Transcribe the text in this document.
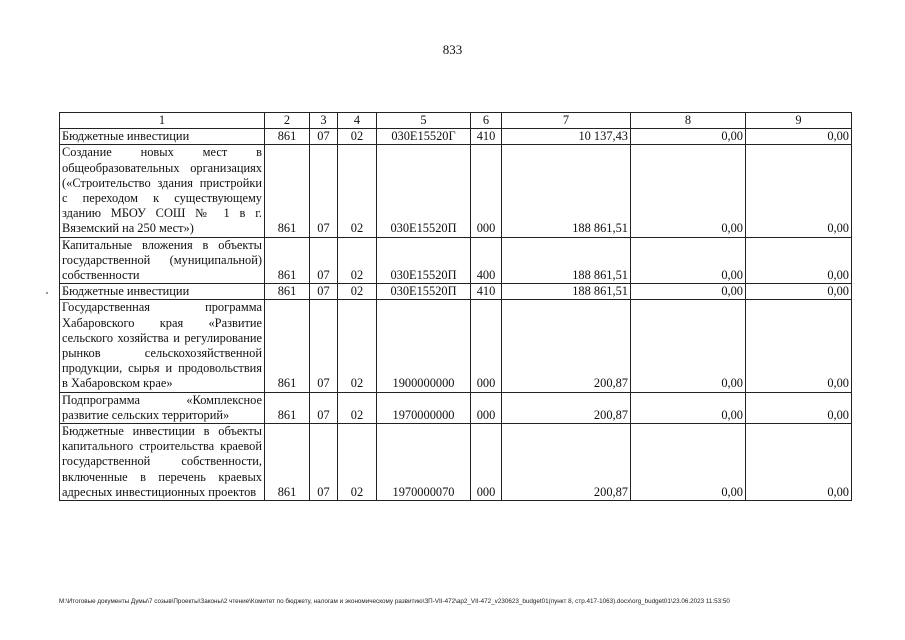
833
1	2	3	4	5	6	7	8	9
Бюджетные инвестиции	861	07	02	030E15520Г	410	10 137,43	0,00	0,00
Создание новых мест в общеобразовательных организациях («Строительство здания пристройки с переходом к существующему зданию МБОУ СОШ № 1 в г. Вяземский на 250 мест»)	861	07	02	030E15520П	000	188 861,51	0,00	0,00
Капитальные вложения в объекты государственной (муниципальной) собственности	861	07	02	030E15520П	400	188 861,51	0,00	0,00
Бюджетные инвестиции	861	07	02	030E15520П	410	188 861,51	0,00	0,00
Государственная программа Хабаровского края «Развитие сельского хозяйства и регулирование рынков сельскохозяйственной продукции, сырья и продовольствия в Хабаровском крае»	861	07	02	1900000000	000	200,87	0,00	0,00
Подпрограмма «Комплексное развитие сельских территорий»	861	07	02	1970000000	000	200,87	0,00	0,00
Бюджетные инвестиции в объекты капитального строительства краевой государственной собственности, включенные в перечень краевых адресных инвестиционных проектов	861	07	02	1970000070	000	200,87	0,00	0,00
M:\Итоговые документы Думы\7 созыв\Проекты\Законы\2 чтение\Комитет по бюджету, налогам и экономическому развитию\ЗП-VII-472\ap2_VII-472_v230623_budget01(пункт 8, стр.417-1063).docx\org_budget01\23.06.2023 11:53:50
